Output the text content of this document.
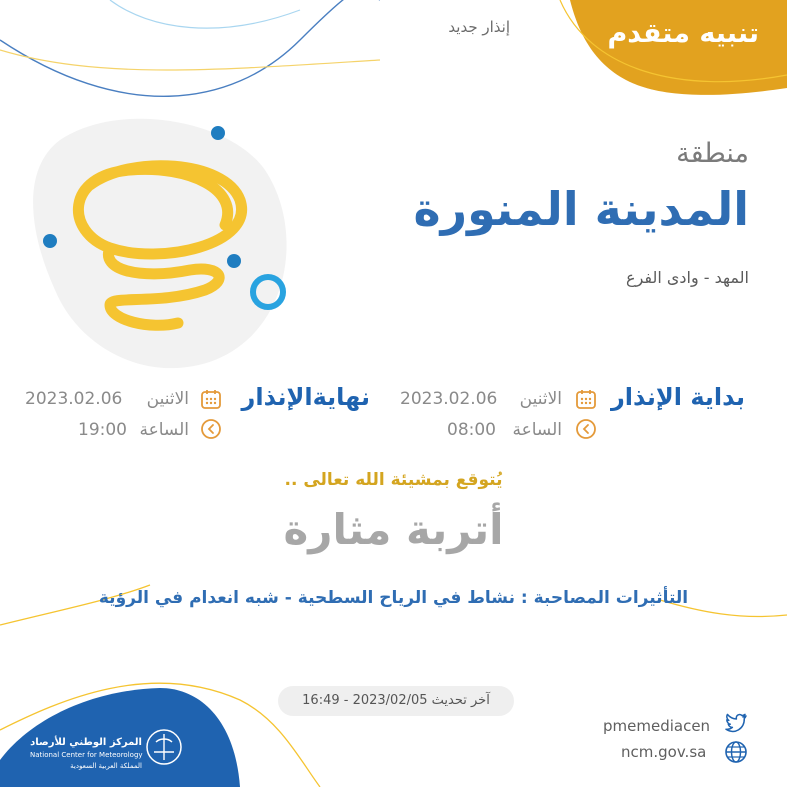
تنبيه متقدم
إنذار جديد
منطقة
المدينة المنورة
المهد - وادى الفرع
بداية الإنذار
الاثنين
2023.02.06
الساعة
08:00
نهايةالإنذار
الاثنين
2023.02.06
الساعة
19:00
يُتوقع بمشيئة الله تعالى ..
أتربة مثارة
التأثيرات المصاحبة : نشاط في الرياح السطحية - شبه انعدام في الرؤية
آخر تحديث 2023/02/05 - 16:49
pmemediacen
ncm.gov.sa
المركز الوطني للأرصاد
National Center for Meteorology
المملكة العربية السعودية
